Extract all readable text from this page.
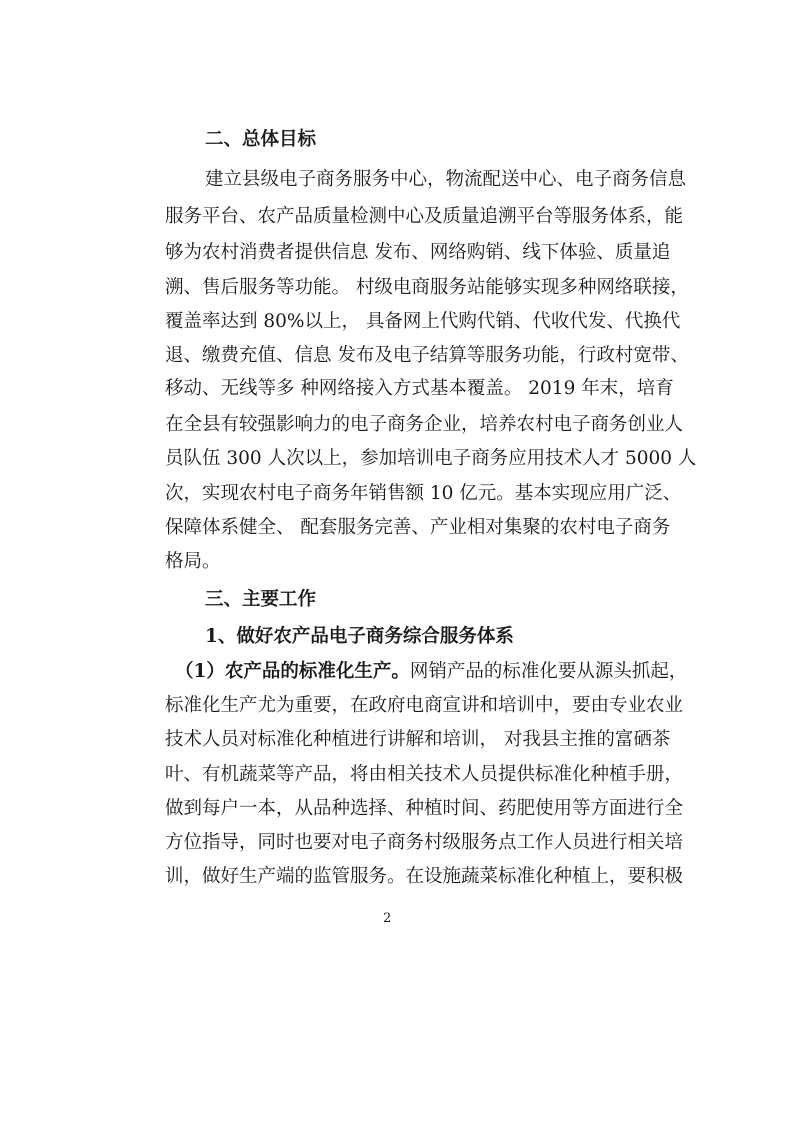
二、总体目标
建立县级电子商务服务中心，物流配送中心、电子商务信息
服务平台、农产品质量检测中心及质量追溯平台等服务体系，能
够为农村消费者提供信息 发布、网络购销、线下体验、质量追
溯、售后服务等功能。 村级电商服务站能够实现多种网络联接，
覆盖率达到 80%以上， 具备网上代购代销、代收代发、代换代
退、缴费充值、信息 发布及电子结算等服务功能，行政村宽带、
移动、无线等多 种网络接入方式基本覆盖。 2019 年末，培育
在全县有较强影响力的电子商务企业，培养农村电子商务创业人
员队伍 300 人次以上，参加培训电子商务应用技术人才 5000 人
次，实现农村电子商务年销售额 10 亿元。基本实现应用广泛、
保障体系健全、 配套服务完善、产业相对集聚的农村电子商务
格局。
三、主要工作
1、做好农产品电子商务综合服务体系
（1）农产品的标准化生产。网销产品的标准化要从源头抓起，
标准化生产尤为重要，在政府电商宣讲和培训中，要由专业农业
技术人员对标准化种植进行讲解和培训， 对我县主推的富硒茶
叶、有机蔬菜等产品，将由相关技术人员提供标准化种植手册，
做到每户一本，从品种选择、种植时间、药肥使用等方面进行全
方位指导，同时也要对电子商务村级服务点工作人员进行相关培
训，做好生产端的监管服务。在设施蔬菜标准化种植上，要积极
2
